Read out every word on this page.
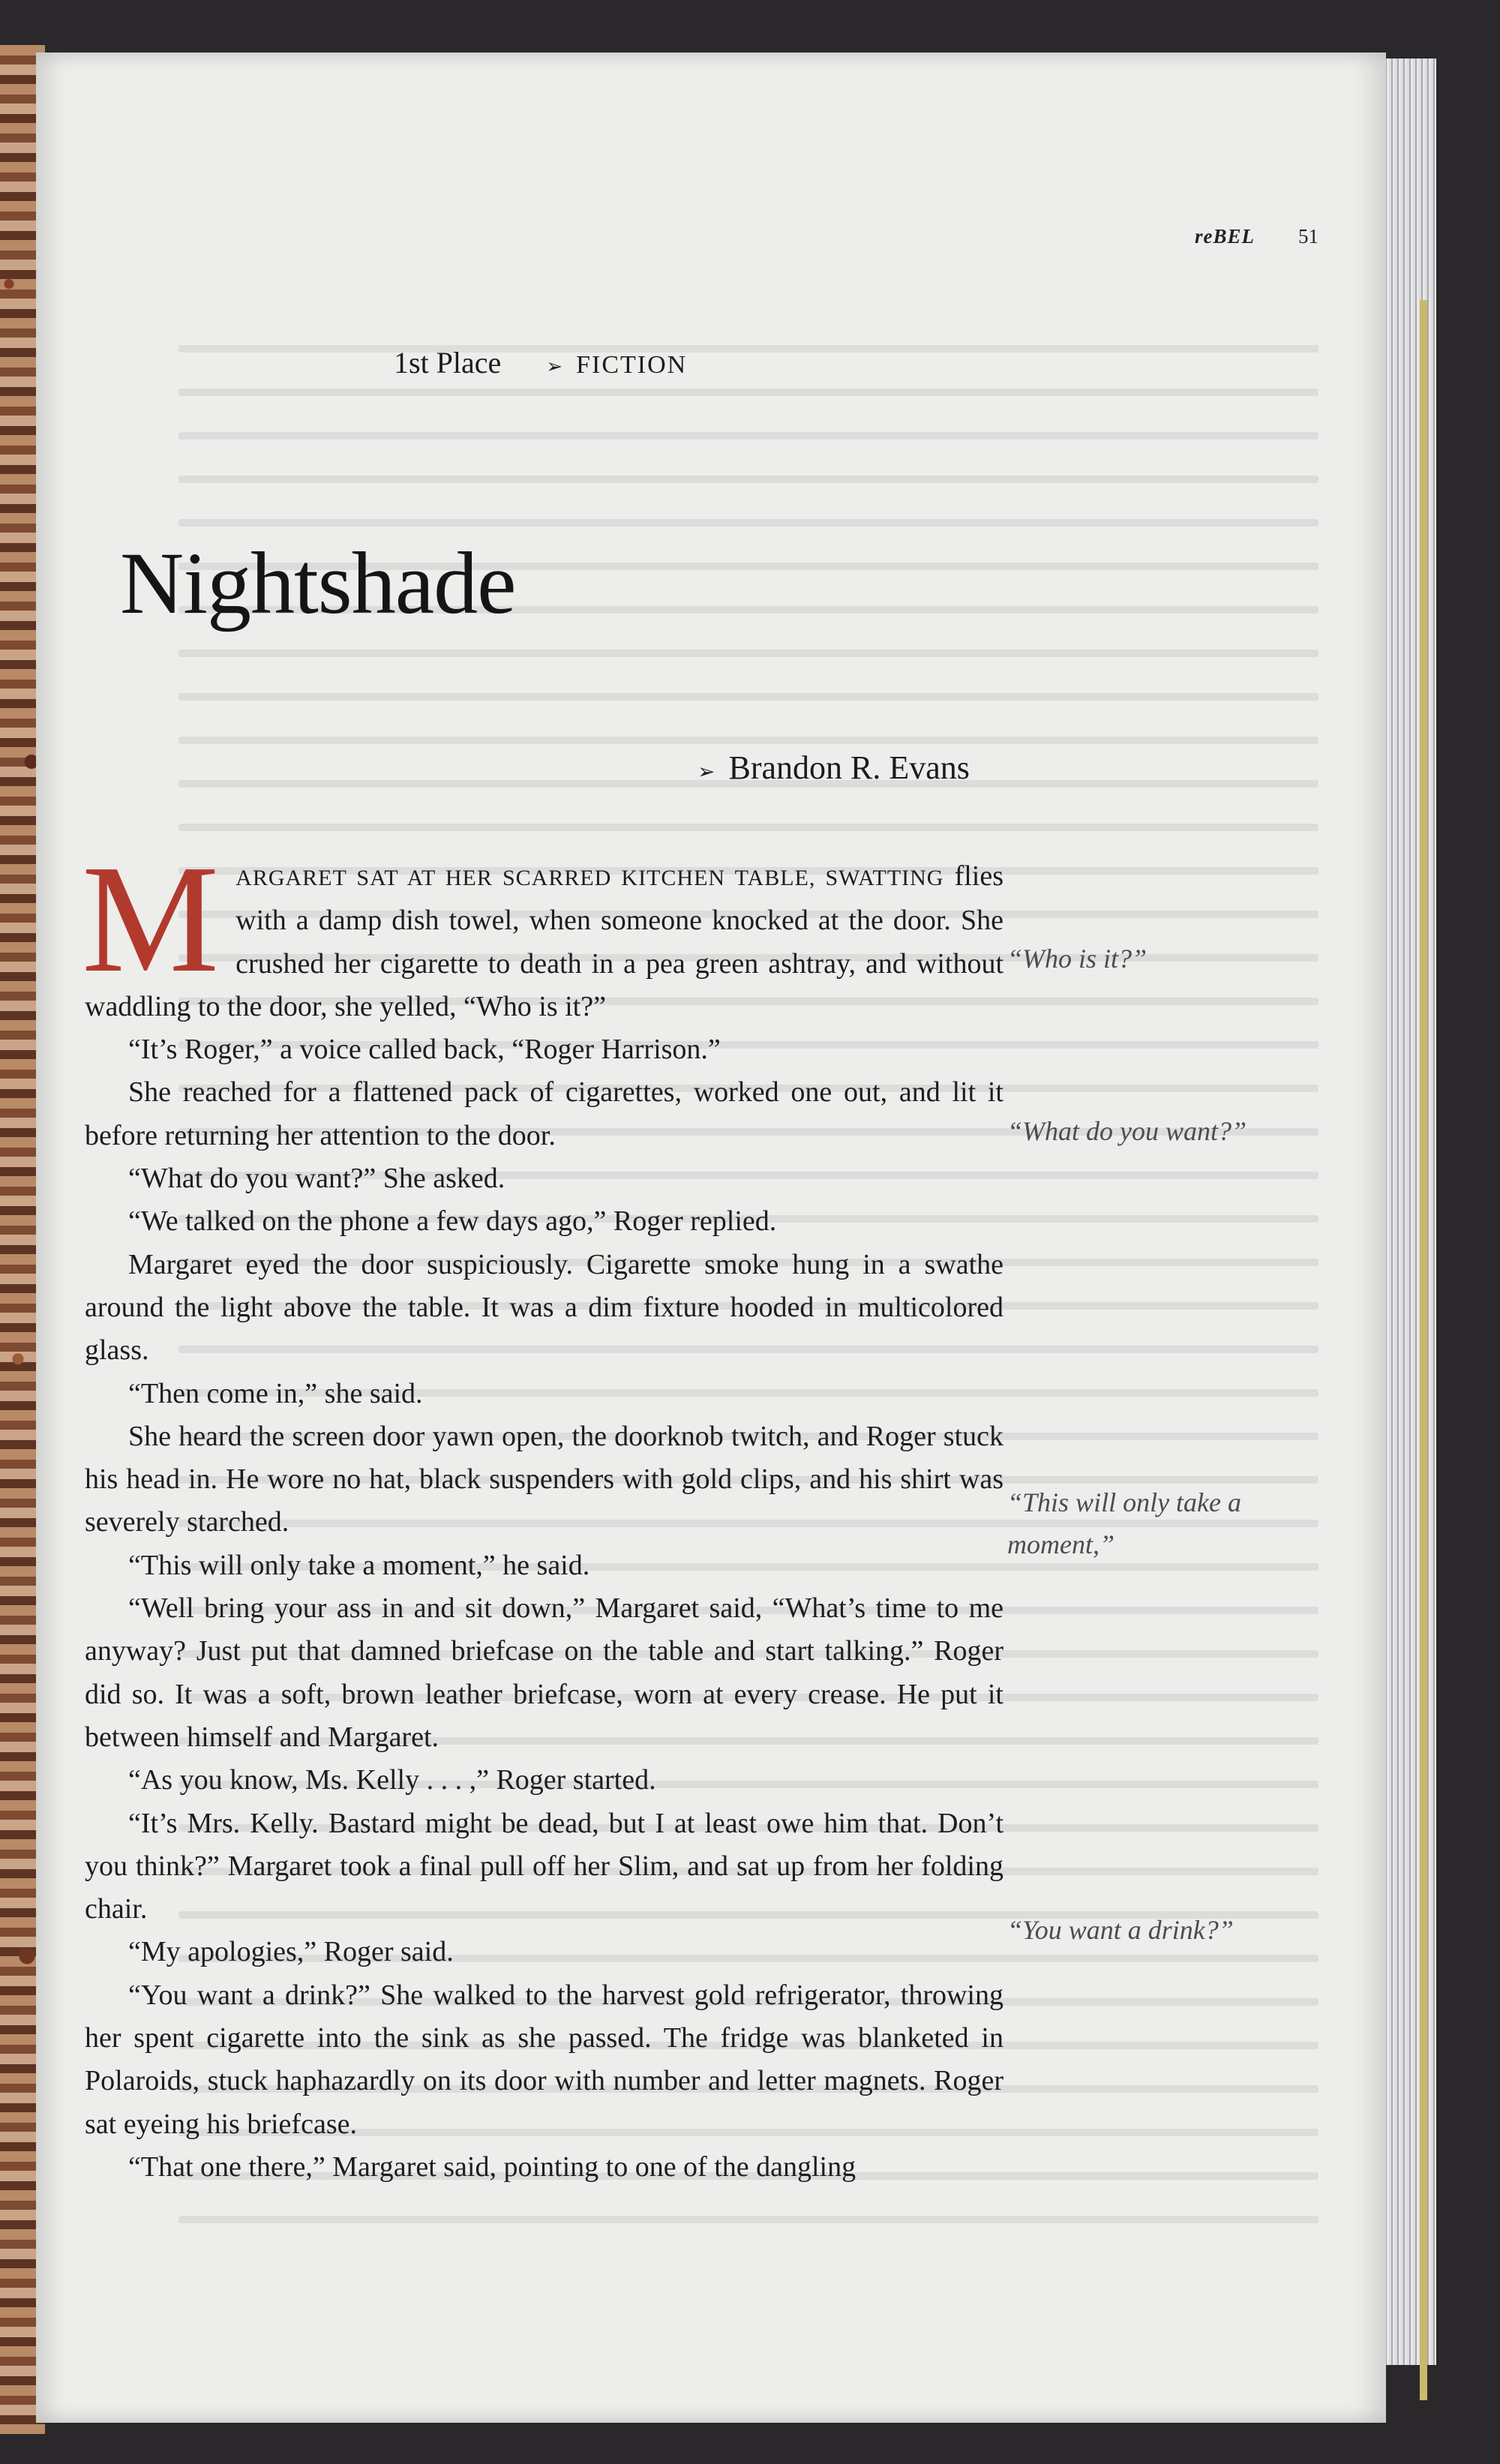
reBEL 51
1st Place ➢ FICTION
Nightshade
➢ Brandon R. Evans

MARGARET SAT AT HER SCARRED KITCHEN TABLE, SWATTING flies with a damp dish towel, when someone knocked at the door. She crushed her cigarette to death in a pea green ashtray, and without waddling to the door, she yelled, “Who is it?”

“It’s Roger,” a voice called back, “Roger Harrison.”

She reached for a flattened pack of cigarettes, worked one out, and lit it before returning her attention to the door.

“What do you want?” She asked.

“We talked on the phone a few days ago,” Roger replied.

Margaret eyed the door suspiciously. Cigarette smoke hung in a swathe around the light above the table. It was a dim fixture hooded in multicolored glass.

“Then come in,” she said.

She heard the screen door yawn open, the doorknob twitch, and Roger stuck his head in. He wore no hat, black suspenders with gold clips, and his shirt was severely starched.

“This will only take a moment,” he said.

“Well bring your ass in and sit down,” Margaret said, “What’s time to me anyway? Just put that damned briefcase on the table and start talking.” Roger did so. It was a soft, brown leather briefcase, worn at every crease. He put it between himself and Margaret.

“As you know, Ms. Kelly . . . ,” Roger started.

“It’s Mrs. Kelly. Bastard might be dead, but I at least owe him that. Don’t you think?” Margaret took a final pull off her Slim, and sat up from her folding chair.

“My apologies,” Roger said.

“You want a drink?” She walked to the harvest gold refrigerator, throwing her spent cigarette into the sink as she passed. The fridge was blanketed in Polaroids, stuck haphazardly on its door with number and letter magnets. Roger sat eyeing his briefcase.

“That one there,” Margaret said, pointing to one of the dangling

“Who is it?”
“What do you want?”
“This will only take a moment,”
“You want a drink?”
